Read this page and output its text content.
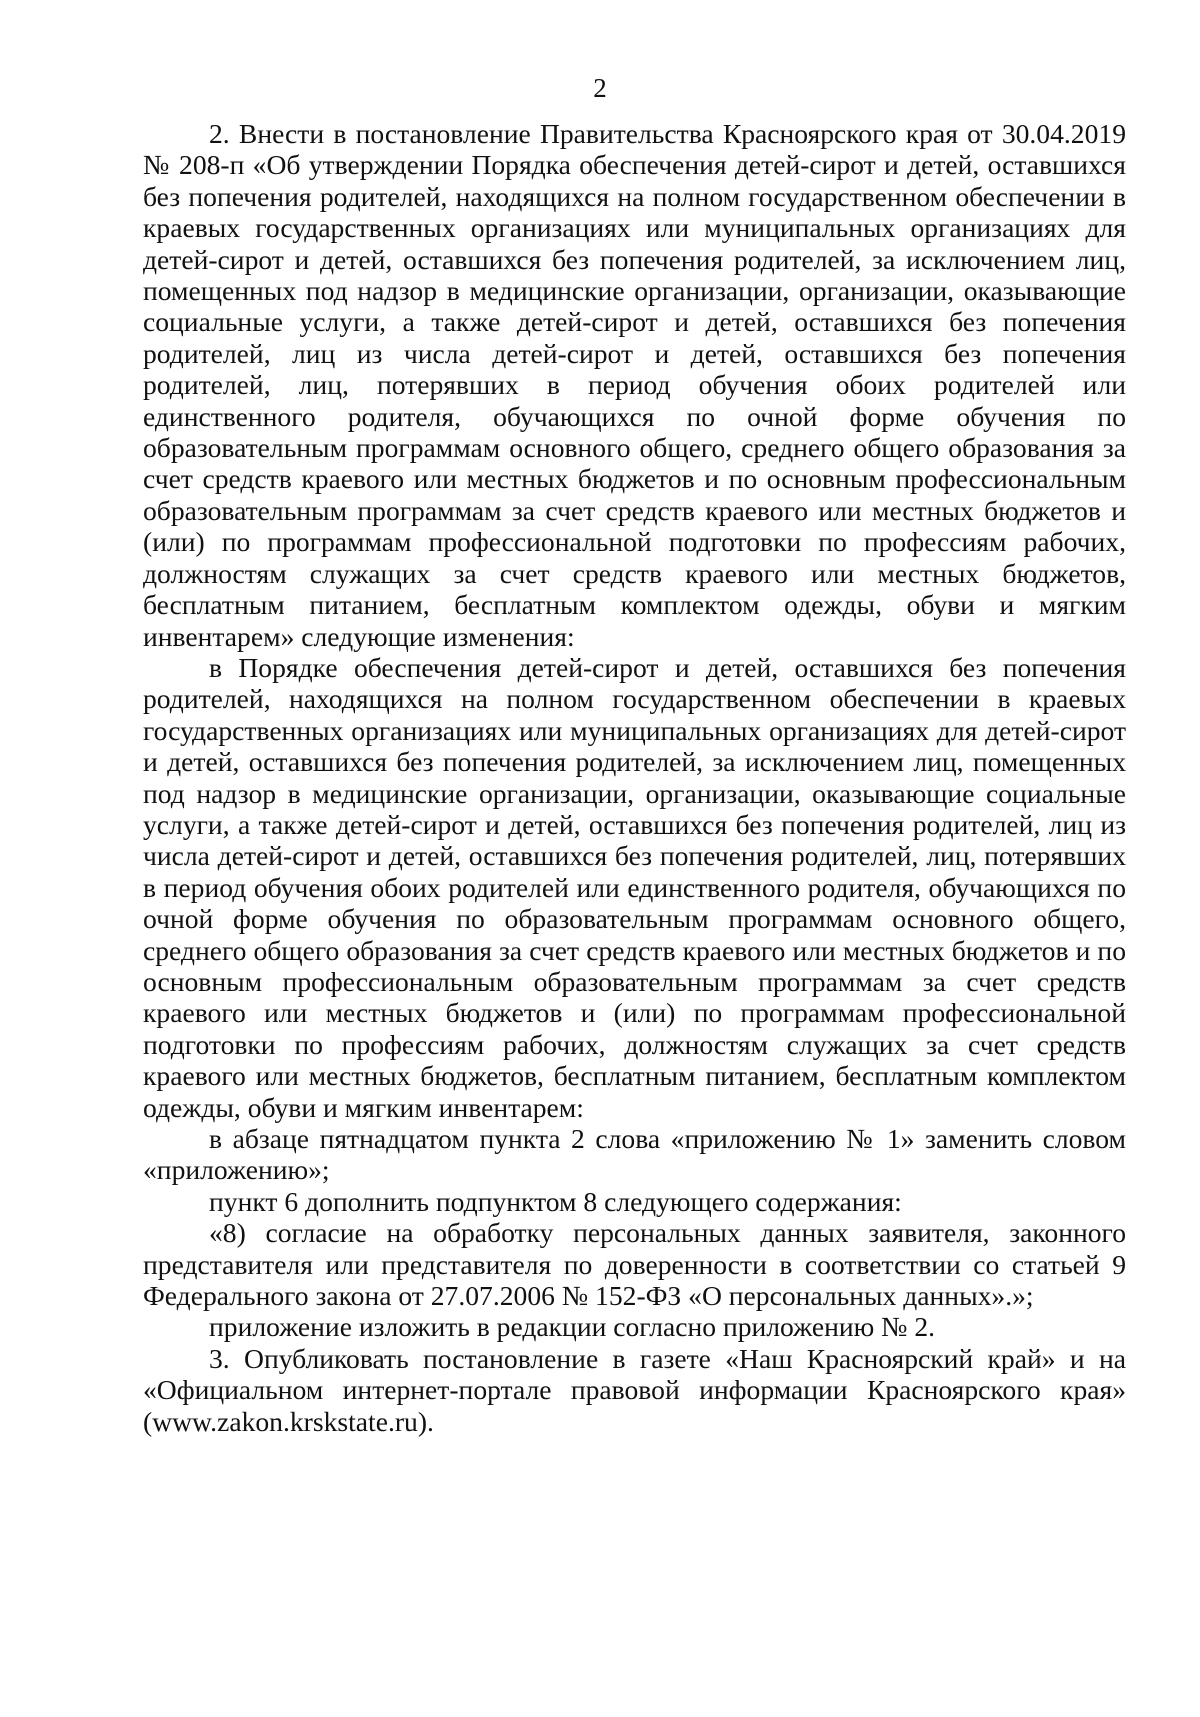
2

2. Внести в постановление Правительства Красноярского края от 30.04.2019 № 208-п «Об утверждении Порядка обеспечения детей-сирот и детей, оставшихся без попечения родителей, находящихся на полном государственном обеспечении в краевых государственных организациях или муниципальных организациях для детей-сирот и детей, оставшихся без попечения родителей, за исключением лиц, помещенных под надзор в медицинские организации, организации, оказывающие социальные услуги, а также детей-сирот и детей, оставшихся без попечения родителей, лиц из числа детей-сирот и детей, оставшихся без попечения родителей, лиц, потерявших в период обучения обоих родителей или единственного родителя, обучающихся по очной форме обучения по образовательным программам основного общего, среднего общего образования за счет средств краевого или местных бюджетов и по основным профессиональным образовательным программам за счет средств краевого или местных бюджетов и (или) по программам профессиональной подготовки по профессиям рабочих, должностям служащих за счет средств краевого или местных бюджетов, бесплатным питанием, бесплатным комплектом одежды, обуви и мягким инвентарем» следующие изменения:

в Порядке обеспечения детей-сирот и детей, оставшихся без попечения родителей, находящихся на полном государственном обеспечении в краевых государственных организациях или муниципальных организациях для детей-сирот и детей, оставшихся без попечения родителей, за исключением лиц, помещенных под надзор в медицинские организации, организации, оказывающие социальные услуги, а также детей-сирот и детей, оставшихся без попечения родителей, лиц из числа детей-сирот и детей, оставшихся без попечения родителей, лиц, потерявших в период обучения обоих родителей или единственного родителя, обучающихся по очной форме обучения по образовательным программам основного общего, среднего общего образования за счет средств краевого или местных бюджетов и по основным профессиональным образовательным программам за счет средств краевого или местных бюджетов и (или) по программам профессиональной подготовки по профессиям рабочих, должностям служащих за счет средств краевого или местных бюджетов, бесплатным питанием, бесплатным комплектом одежды, обуви и мягким инвентарем:

в абзаце пятнадцатом пункта 2 слова «приложению № 1» заменить словом «приложению»;

пункт 6 дополнить подпунктом 8 следующего содержания:

«8) согласие на обработку персональных данных заявителя, законного представителя или представителя по доверенности в соответствии со статьей 9 Федерального закона от 27.07.2006 № 152-ФЗ «О персональных данных».»;

приложение изложить в редакции согласно приложению № 2.

3. Опубликовать постановление в газете «Наш Красноярский край» и на «Официальном интернет-портале правовой информации Красноярского края» (www.zakon.krskstate.ru).
